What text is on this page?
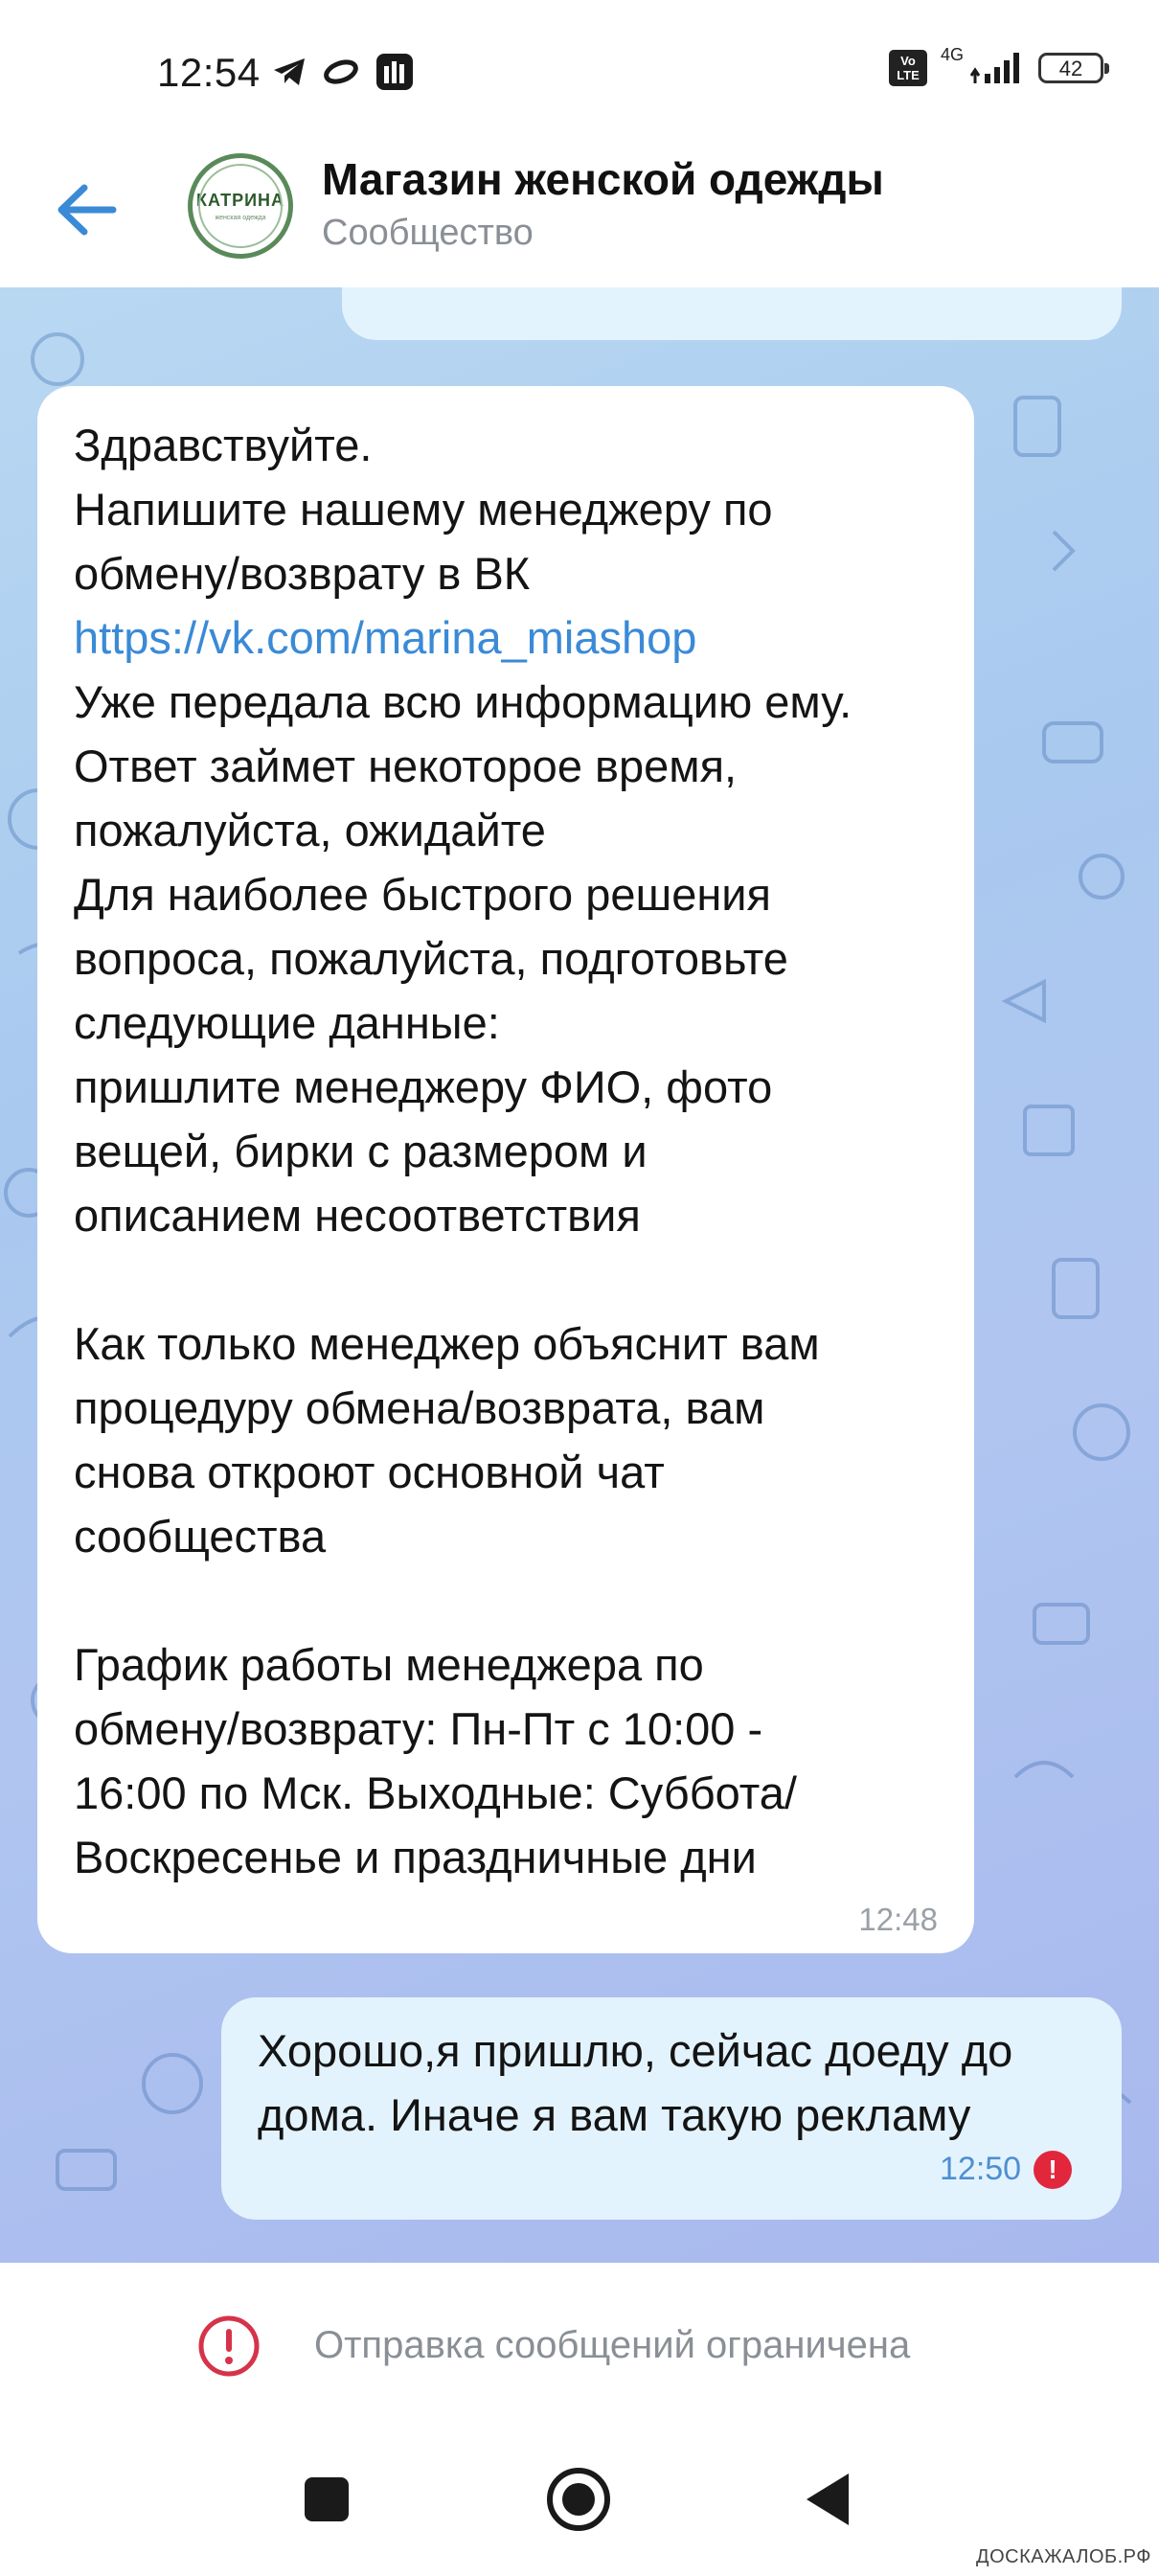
12:54	Vo
LTE
4G
42
КАТРИНА
женская одежда
Магазин женской одежды
Сообщество
Здравствуйте.
Напишите нашему менеджеру по
обмену/возврату в ВК
https://vk.com/marina_miashop
Уже передала всю информацию ему.
Ответ займет некоторое время,
пожалуйста, ожидайте
Для наиболее быстрого решения
вопроса, пожалуйста, подготовьте
следующие данные:
пришлите менеджеру ФИО, фото
вещей, бирки с размером и
описанием несоответствия
Как только менеджер объяснит вам
процедуру обмена/возврата, вам
снова откроют основной чат
сообщества
График работы менеджера по
обмену/возврату: Пн-Пт с 10:00 -
16:00 по Мск. Выходные: Суббота/
Воскресенье и праздничные дни
12:48
Хорошо,я пришлю, сейчас доеду до
дома. Иначе я вам такую рекламу
12:50	!
Отправка сообщений ограничена
ДОСКАЖАЛОБ.РФ
